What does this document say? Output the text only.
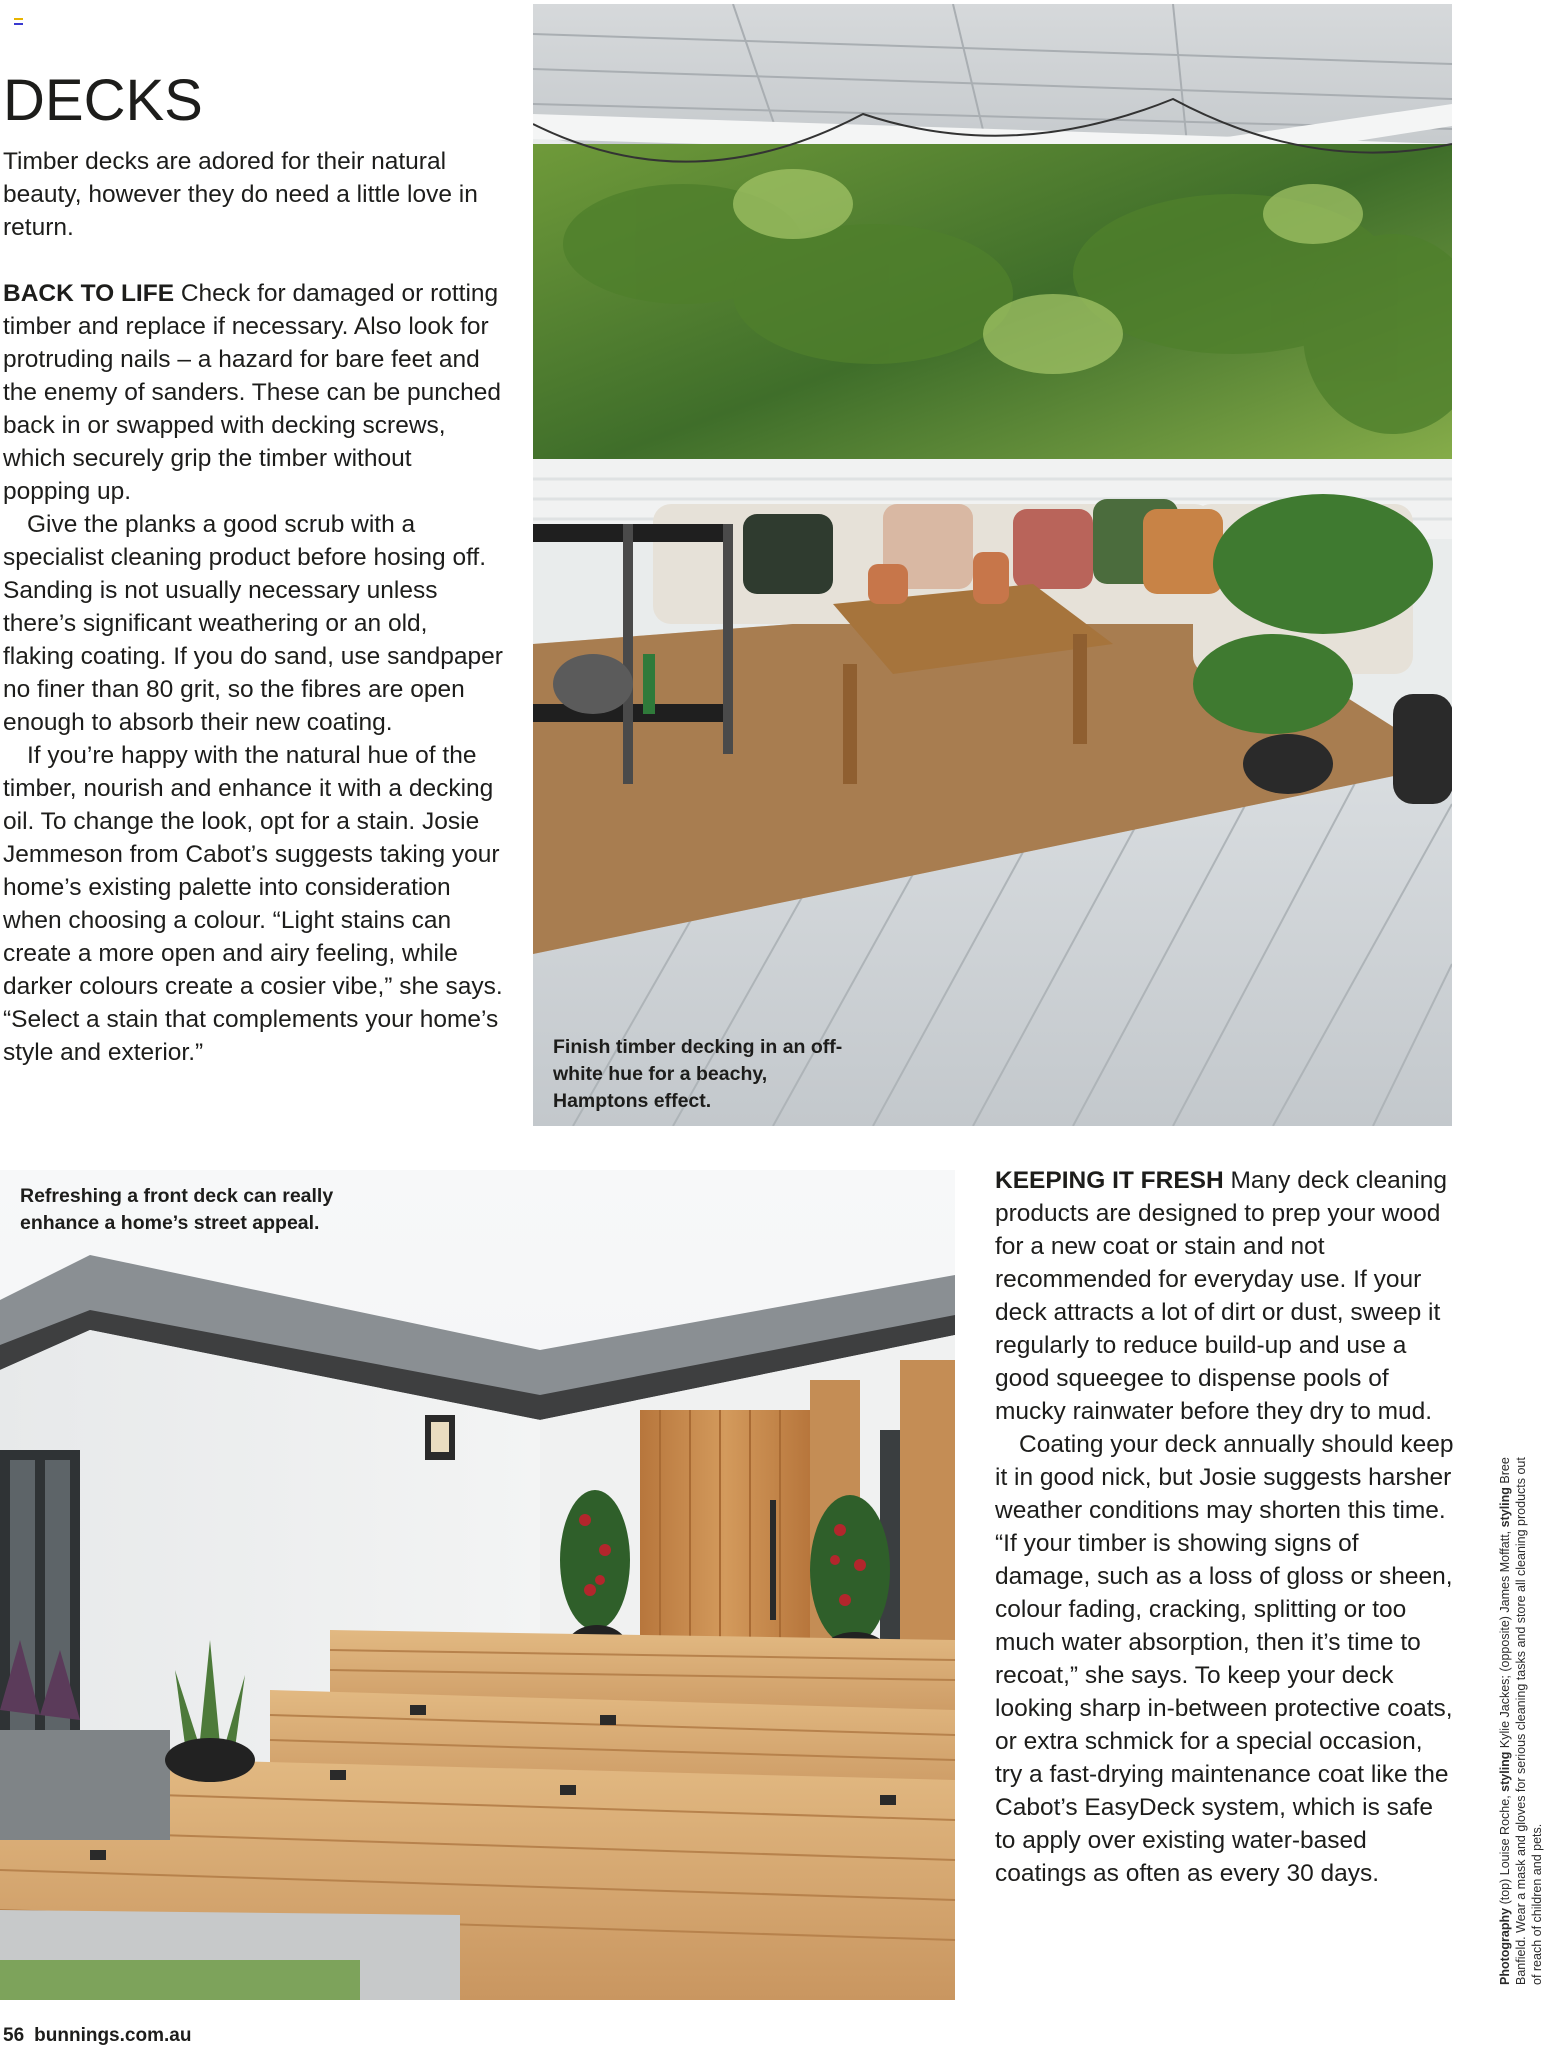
DECKS

Timber decks are adored for their natural beauty, however they do need a little love in return.

BACK TO LIFE Check for damaged or rotting timber and replace if necessary. Also look for protruding nails – a hazard for bare feet and the enemy of sanders. These can be punched back in or swapped with decking screws, which securely grip the timber without popping up.

Give the planks a good scrub with a specialist cleaning product before hosing off. Sanding is not usually necessary unless there’s significant weathering or an old, flaking coating. If you do sand, use sandpaper no finer than 80 grit, so the fibres are open enough to absorb their new coating.

If you’re happy with the natural hue of the timber, nourish and enhance it with a decking oil. To change the look, opt for a stain. Josie Jemmeson from Cabot’s suggests taking your home’s existing palette into consideration when choosing a colour. “Light stains can create a more open and airy feeling, while darker colours create a cosier vibe,” she says. “Select a stain that complements your home’s style and exterior.”	Finish timber decking in an off-white hue for a beachy, Hamptons effect.
Refreshing a front deck can really enhance a home’s street appeal.

KEEPING IT FRESH Many deck cleaning products are designed to prep your wood for a new coat or stain and not recommended for everyday use. If your deck attracts a lot of dirt or dust, sweep it regularly to reduce build-up and use a good squeegee to dispense pools of mucky rainwater before they dry to mud.

Coating your deck annually should keep it in good nick, but Josie suggests harsher weather conditions may shorten this time. “If your timber is showing signs of damage, such as a loss of gloss or sheen, colour fading, cracking, splitting or too much water absorption, then it’s time to recoat,” she says. To keep your deck looking sharp in-between protective coats, or extra schmick for a special occasion, try a fast-drying maintenance coat like the Cabot’s EasyDeck system, which is safe to apply over existing water-based coatings as often as every 30 days.

Photography (top) Louise Roche, styling Kylie Jackes; (opposite) James Moffatt, styling Bree Banfield. Wear a mask and gloves for serious cleaning tasks and store all cleaning products out of reach of children and pets.
56 bunnings.com.au
